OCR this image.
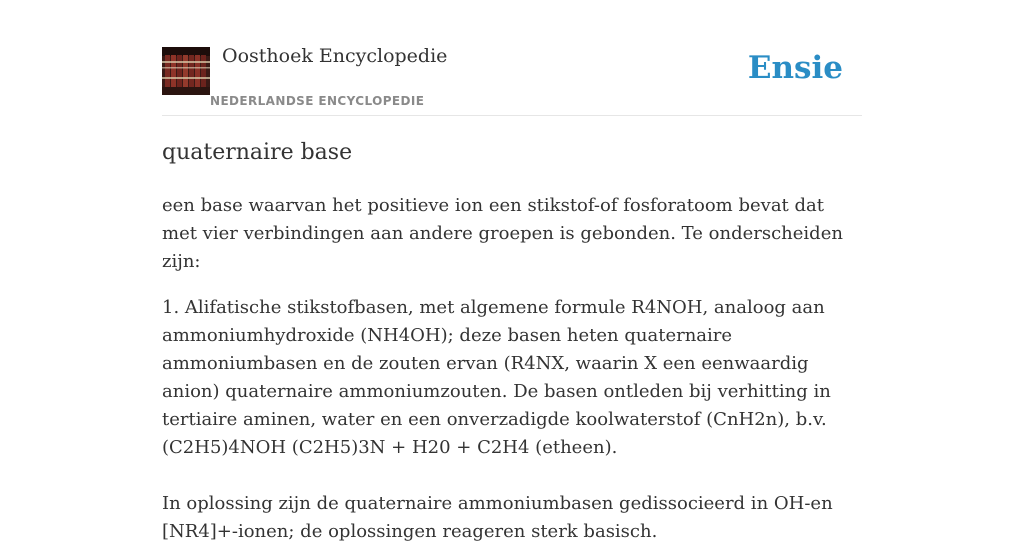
Oosthoek Encyclopedie
NEDERLANDSE ENCYCLOPEDIE
Ensie
quaternaire base

een base waarvan het positieve ion een stikstof-of fosforatoom bevat dat met vier verbindingen aan andere groepen is gebonden. Te onderscheiden zijn:

1. Alifatische stikstofbasen, met algemene formule R4NOH, analoog aan ammoniumhydroxide (NH4OH); deze basen heten quaternaire ammoniumbasen en de zouten ervan (R4NX, waarin X een eenwaardig anion) quaternaire ammoniumzouten. De basen ontleden bij verhitting in tertiaire aminen, water en een onverzadigde koolwaterstof (CnH2n), b.v. (C2H5)4NOH (C2H5)3N + H20 + C2H4 (etheen).

In oplossing zijn de quaternaire ammoniumbasen gedissocieerd in OH-en [NR4]+-ionen; de oplossingen reageren sterk basisch.
